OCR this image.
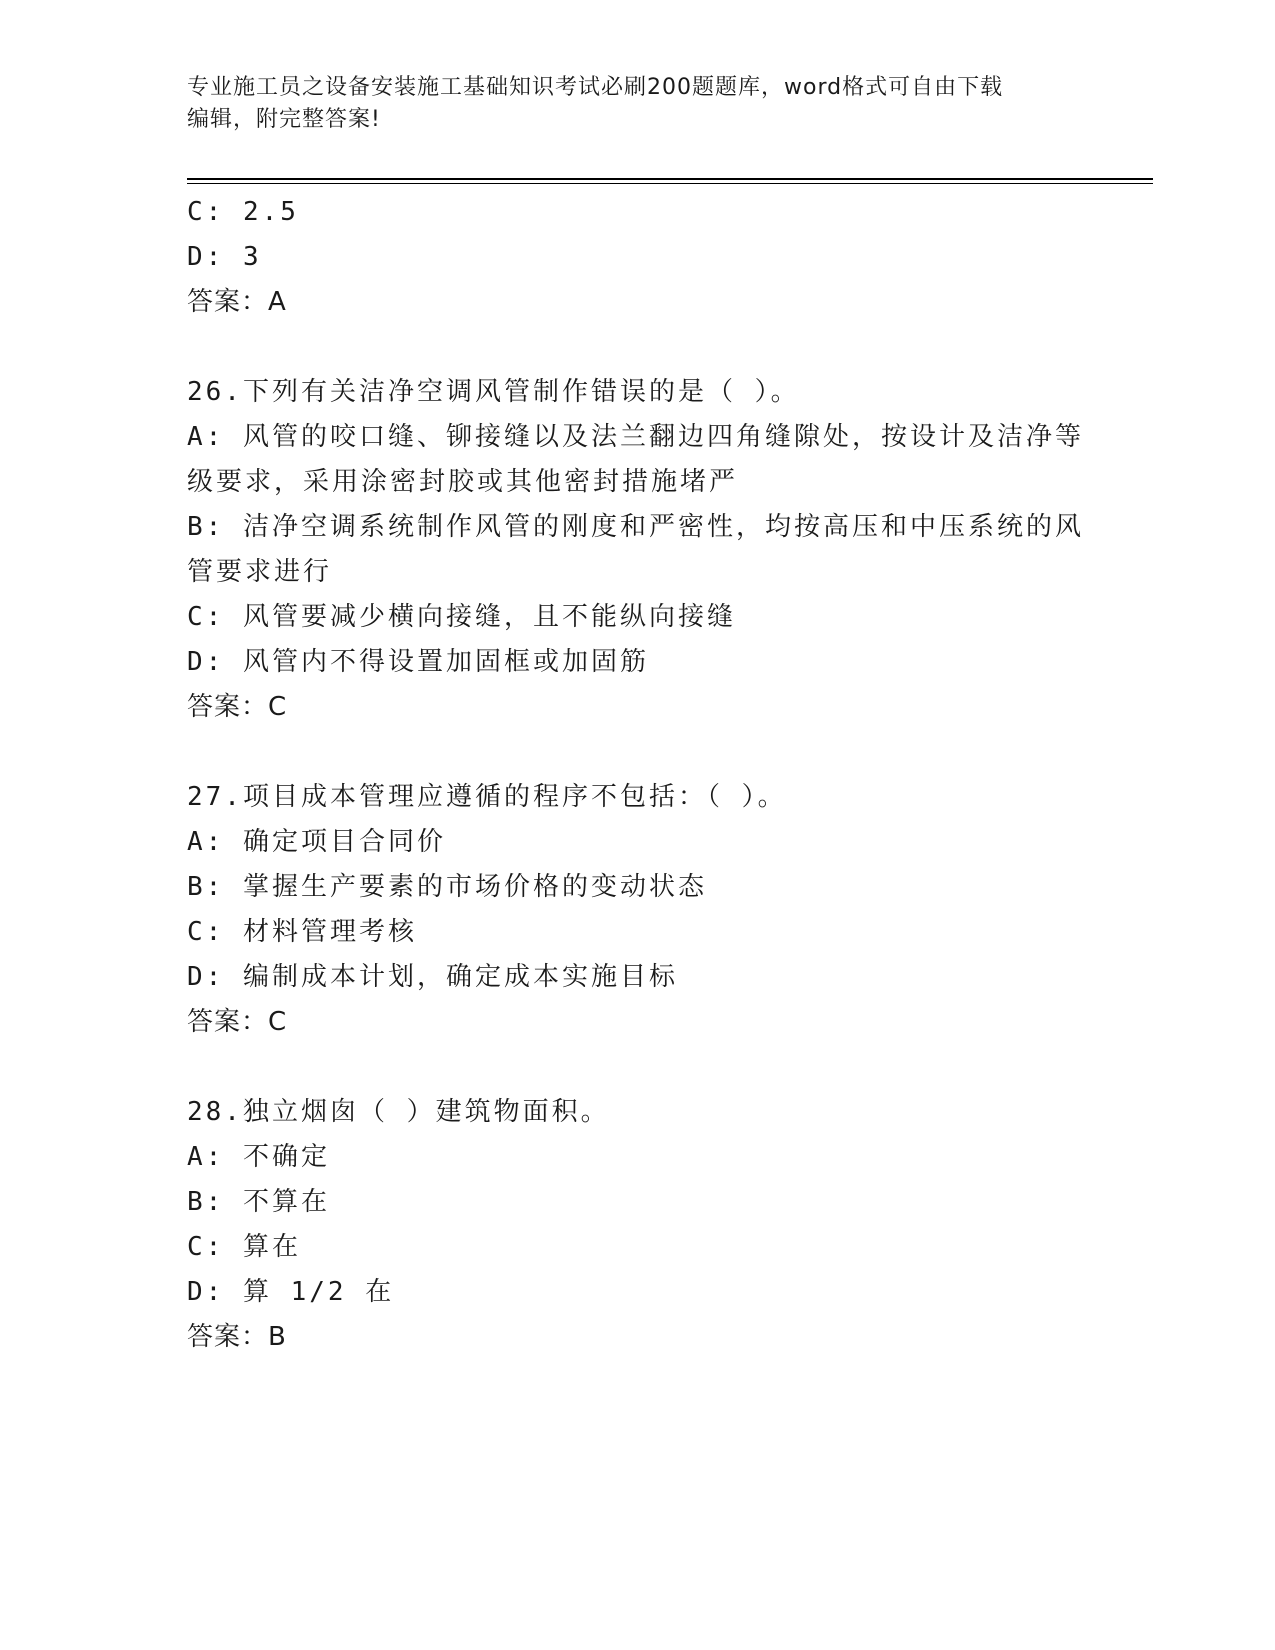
专业施工员之设备安装施工基础知识考试必刷200题题库，word格式可自由下载
编辑，附完整答案!

C: 2.5

D: 3

答案：A

26.下列有关洁净空调风管制作错误的是（ ）。

A: 风管的咬口缝、铆接缝以及法兰翻边四角缝隙处，按设计及洁净等级要求，采用涂密封胶或其他密封措施堵严

B: 洁净空调系统制作风管的刚度和严密性，均按高压和中压系统的风管要求进行

C: 风管要减少横向接缝，且不能纵向接缝

D: 风管内不得设置加固框或加固筋

答案：C

27.项目成本管理应遵循的程序不包括：（ ）。

A: 确定项目合同价

B: 掌握生产要素的市场价格的变动状态

C: 材料管理考核

D: 编制成本计划，确定成本实施目标

答案：C

28.独立烟囱（ ）建筑物面积。

A: 不确定

B: 不算在

C: 算在

D: 算 1/2 在

答案：B
